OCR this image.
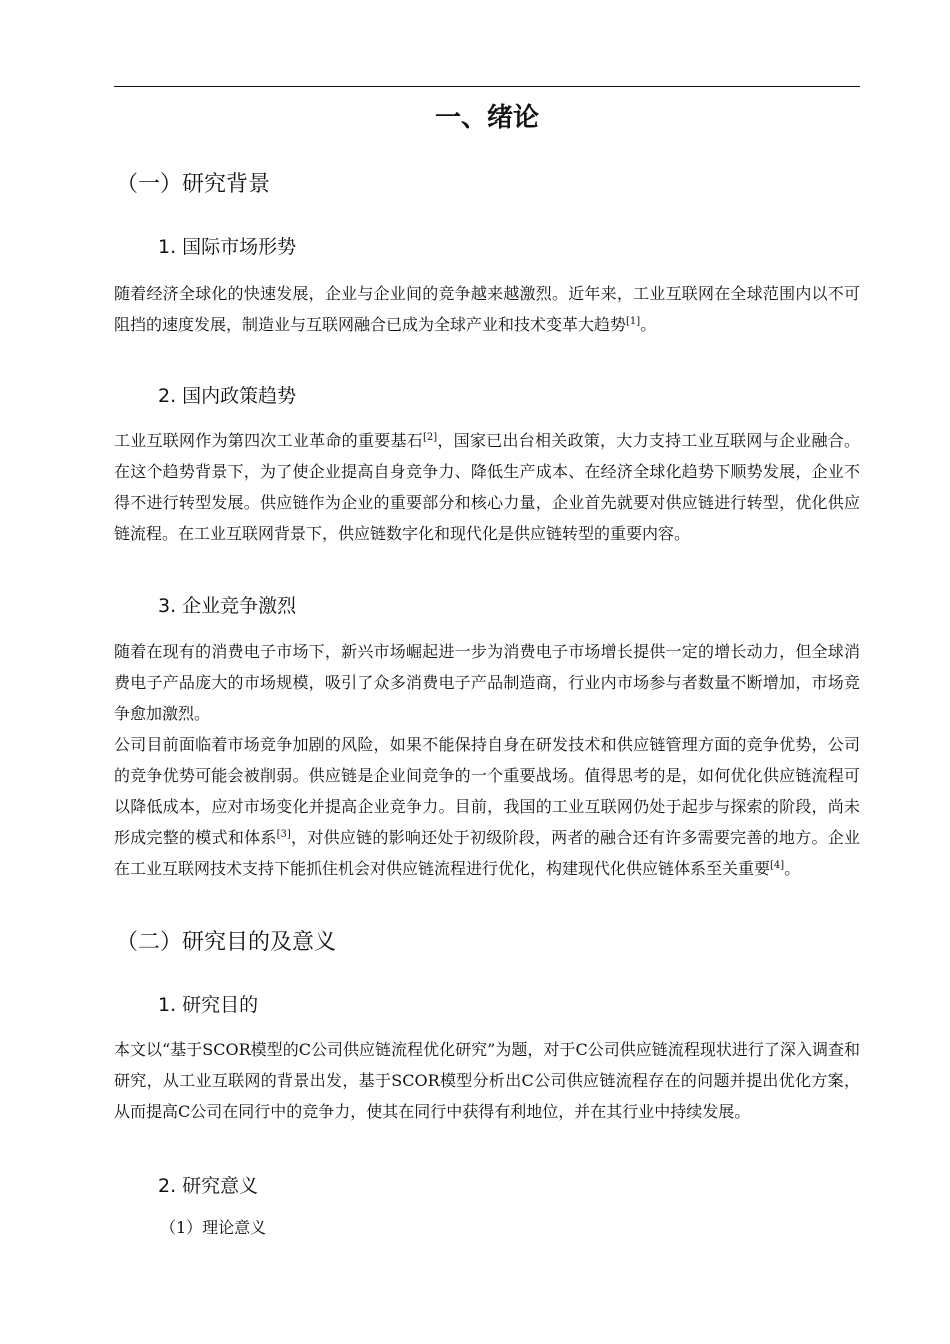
一、绪论
（一）研究背景
1. 国际市场形势

随着经济全球化的快速发展，企业与企业间的竞争越来越激烈。近年来，工业互联网在全球范围内以不可阻挡的速度发展，制造业与互联网融合已成为全球产业和技术变革大趋势[1]。

2. 国内政策趋势

工业互联网作为第四次工业革命的重要基石[2]，国家已出台相关政策，大力支持工业互联网与企业融合。在这个趋势背景下，为了使企业提高自身竞争力、降低生产成本、在经济全球化趋势下顺势发展，企业不得不进行转型发展。供应链作为企业的重要部分和核心力量，企业首先就要对供应链进行转型，优化供应链流程。在工业互联网背景下，供应链数字化和现代化是供应链转型的重要内容。

3. 企业竞争激烈

随着在现有的消费电子市场下，新兴市场崛起进一步为消费电子市场增长提供一定的增长动力，但全球消费电子产品庞大的市场规模，吸引了众多消费电子产品制造商，行业内市场参与者数量不断增加，市场竞争愈加激烈。

公司目前面临着市场竞争加剧的风险，如果不能保持自身在研发技术和供应链管理方面的竞争优势，公司的竞争优势可能会被削弱。供应链是企业间竞争的一个重要战场。值得思考的是，如何优化供应链流程可以降低成本，应对市场变化并提高企业竞争力。目前，我国的工业互联网仍处于起步与探索的阶段，尚未形成完整的模式和体系[3]，对供应链的影响还处于初级阶段，两者的融合还有许多需要完善的地方。企业在工业互联网技术支持下能抓住机会对供应链流程进行优化，构建现代化供应链体系至关重要[4]。

（二）研究目的及意义
1. 研究目的

本文以“基于SCOR模型的C公司供应链流程优化研究”为题，对于C公司供应链流程现状进行了深入调查和研究，从工业互联网的背景出发，基于SCOR模型分析出C公司供应链流程存在的问题并提出优化方案，从而提高C公司在同行中的竞争力，使其在同行中获得有利地位，并在其行业中持续发展。

2. 研究意义
（1）理论意义
